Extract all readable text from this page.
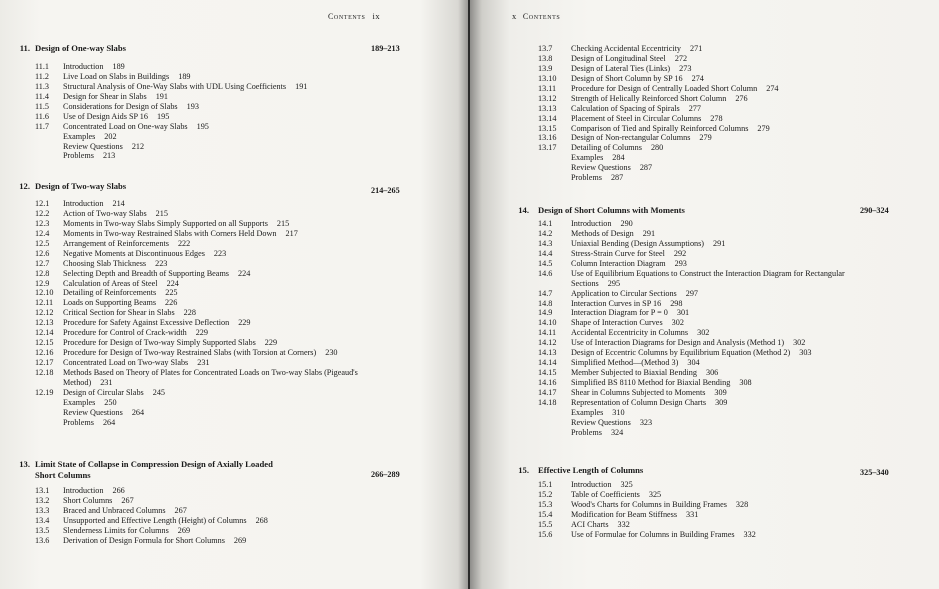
Contents ix
11. Design of One-way Slabs	189–213
11.1 Introduction 189
11.2 Live Load on Slabs in Buildings 189
11.3 Structural Analysis of One-Way Slabs with UDL Using Coefficients 191
11.4 Design for Shear in Slabs 191
11.5 Considerations for Design of Slabs 193
11.6 Use of Design Aids SP 16 195
11.7 Concentrated Load on One-way Slabs 195
Examples 202
Review Questions 212
Problems 213
12. Design of Two-way Slabs	214–265
12.1 Introduction 214
12.2 Action of Two-way Slabs 215
12.3 Moments in Two-way Slabs Simply Supported on all Supports 215
12.4 Moments in Two-way Restrained Slabs with Corners Held Down 217
12.5 Arrangement of Reinforcements 222
12.6 Negative Moments at Discontinuous Edges 223
12.7 Choosing Slab Thickness 223
12.8 Selecting Depth and Breadth of Supporting Beams 224
12.9 Calculation of Areas of Steel 224
12.10 Detailing of Reinforcements 225
12.11 Loads on Supporting Beams 226
12.12 Critical Section for Shear in Slabs 228
12.13 Procedure for Safety Against Excessive Deflection 229
12.14 Procedure for Control of Crack-width 229
12.15 Procedure for Design of Two-way Simply Supported Slabs 229
12.16 Procedure for Design of Two-way Restrained Slabs (with Torsion at Corners) 230
12.17 Concentrated Load on Two-way Slabs 231
12.18 Methods Based on Theory of Plates for Concentrated Loads on Two-way Slabs (Pigeaud's Method) 231
12.19 Design of Circular Slabs 245
Examples 250
Review Questions 264
Problems 264
13. Limit State of Collapse in Compression Design of Axially Loaded Short Columns	266–289
13.1 Introduction 266
13.2 Short Columns 267
13.3 Braced and Unbraced Columns 267
13.4 Unsupported and Effective Length (Height) of Columns 268
13.5 Slenderness Limits for Columns 269
13.6 Derivation of Design Formula for Short Columns 269
x Contents
13.7 Checking Accidental Eccentricity 271
13.8 Design of Longitudinal Steel 272
13.9 Design of Lateral Ties (Links) 273
13.10 Design of Short Column by SP 16 274
13.11 Procedure for Design of Centrally Loaded Short Column 274
13.12 Strength of Helically Reinforced Short Column 276
13.13 Calculation of Spacing of Spirals 277
13.14 Placement of Steel in Circular Columns 278
13.15 Comparison of Tied and Spirally Reinforced Columns 279
13.16 Design of Non-rectangular Columns 279
13.17 Detailing of Columns 280
Examples 284
Review Questions 287
Problems 287
14. Design of Short Columns with Moments	290–324
14.1 Introduction 290
14.2 Methods of Design 291
14.3 Uniaxial Bending (Design Assumptions) 291
14.4 Stress-Strain Curve for Steel 292
14.5 Column Interaction Diagram 293
14.6 Use of Equilibrium Equations to Construct the Interaction Diagram for Rectangular Sections 295
14.7 Application to Circular Sections 297
14.8 Interaction Curves in SP 16 298
14.9 Interaction Diagram for P = 0 301
14.10 Shape of Interaction Curves 302
14.11 Accidental Eccentricity in Columns 302
14.12 Use of Interaction Diagrams for Design and Analysis (Method 1) 302
14.13 Design of Eccentric Columns by Equilibrium Equation (Method 2) 303
14.14 Simplified Method—(Method 3) 304
14.15 Member Subjected to Biaxial Bending 306
14.16 Simplified BS 8110 Method for Biaxial Bending 308
14.17 Shear in Columns Subjected to Moments 309
14.18 Representation of Column Design Charts 309
Examples 310
Review Questions 323
Problems 324
15. Effective Length of Columns	325–340
15.1 Introduction 325
15.2 Table of Coefficients 325
15.3 Wood's Charts for Columns in Building Frames 328
15.4 Modification for Beam Stiffness 331
15.5 ACI Charts 332
15.6 Use of Formulae for Columns in Building Frames 332
